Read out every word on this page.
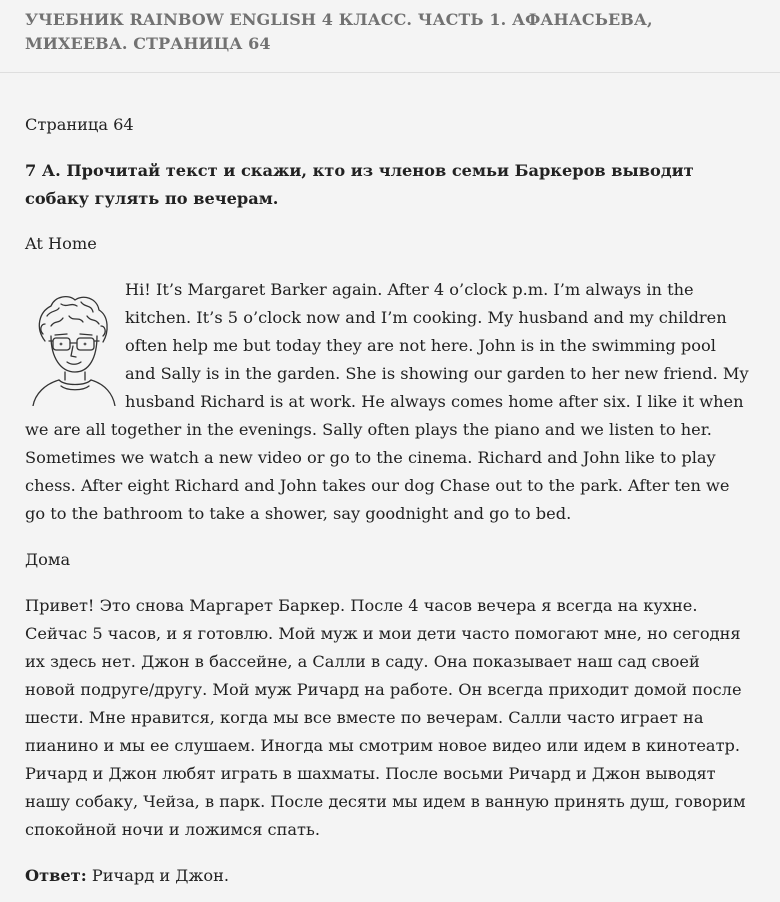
УЧЕБНИК RAINBOW ENGLISH 4 КЛАСС. ЧАСТЬ 1. АФАНАСЬЕВА, МИХЕЕВА. СТРАНИЦА 64

Страница 64

7 А. Прочитай текст и скажи, кто из членов семьи Баркеров выводит собаку гулять по вечерам.

At Home

Hi! It’s Margaret Barker again. After 4 o’clock p.m. I’m always in the kitchen. It’s 5 o’clock now and I’m cooking. My husband and my children often help me but today they are not here. John is in the swimming pool and Sally is in the garden. She is showing our garden to her new friend. My husband Richard is at work. He always comes home after six. I like it when we are all together in the evenings. Sally often plays the piano and we listen to her. Sometimes we watch a new video or go to the cinema. Richard and John like to play chess. After eight Richard and John takes our dog Chase out to the park. After ten we go to the bathroom to take a shower, say goodnight and go to bed.

Дома

Привет! Это снова Маргарет Баркер. После 4 часов вечера я всегда на кухне. Сейчас 5 часов, и я готовлю. Мой муж и мои дети часто помогают мне, но сегодня их здесь нет. Джон в бассейне, а Салли в саду. Она показывает наш сад своей новой подруге/другу. Мой муж Ричард на работе. Он всегда приходит домой после шести. Мне нравится, когда мы все вместе по вечерам. Салли часто играет на пианино и мы ее слушаем. Иногда мы смотрим новое видео или идем в кинотеатр. Ричард и Джон любят играть в шахматы. После восьми Ричард и Джон выводят нашу собаку, Чейза, в парк. После десяти мы идем в ванную принять душ, говорим спокойной ночи и ложимся спать.

Ответ: Ричард и Джон.
